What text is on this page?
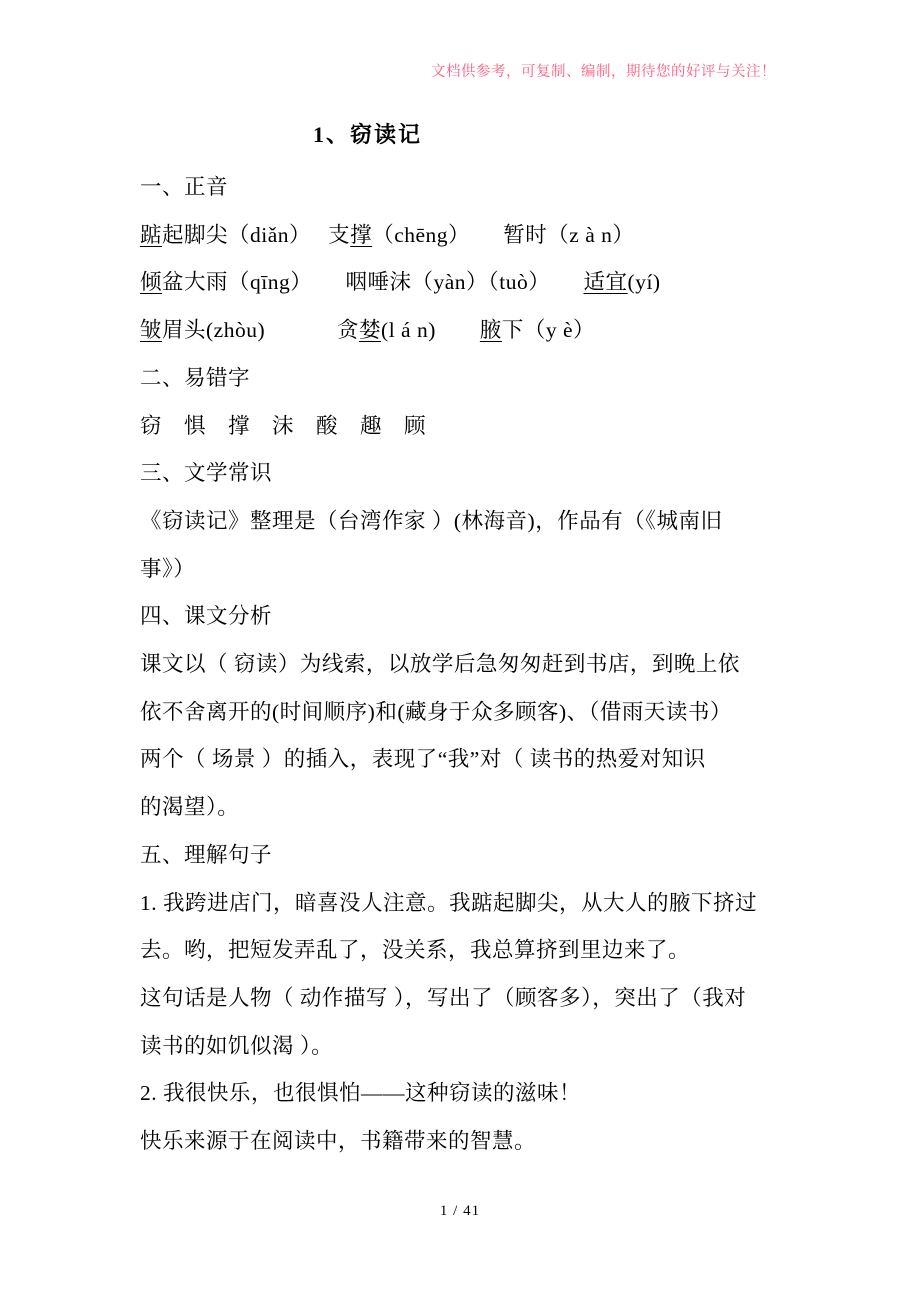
文档供参考，可复制、编制，期待您的好评与关注！
1、窃读记
一、正音
踮起脚尖（diǎn）　 支撑（chēng）　　暂时（z à n）
倾盆大雨（qīng）　　咽唾沫（yàn）（tuò）　　适宜(yí)
皱眉头(zhòu)　　　 贪婪(l á n)　　腋下（y è）
二、易错字
窃　惧　撑　沫　酸　趣　顾
三、文学常识
《窃读记》整理是（台湾作家 ）(林海音)，作品有（《城南旧
事》）
四、课文分析
课文以（ 窃读）为线索，以放学后急匆匆赶到书店，到晚上依
依不舍离开的(时间顺序)和(藏身于众多顾客)、（借雨天读书）
两个（ 场景 ）的插入，表现了“我”对（ 读书的热爱对知识
的渴望）。
五、理解句子
1. 我跨进店门，暗喜没人注意。我踮起脚尖，从大人的腋下挤过
去。哟，把短发弄乱了，没关系，我总算挤到里边来了。
这句话是人物（ 动作描写 ），写出了（顾客多），突出了（我对
读书的如饥似渴 ）。
2. 我很快乐，也很惧怕——这种窃读的滋味！
快乐来源于在阅读中，书籍带来的智慧。
1 / 41
